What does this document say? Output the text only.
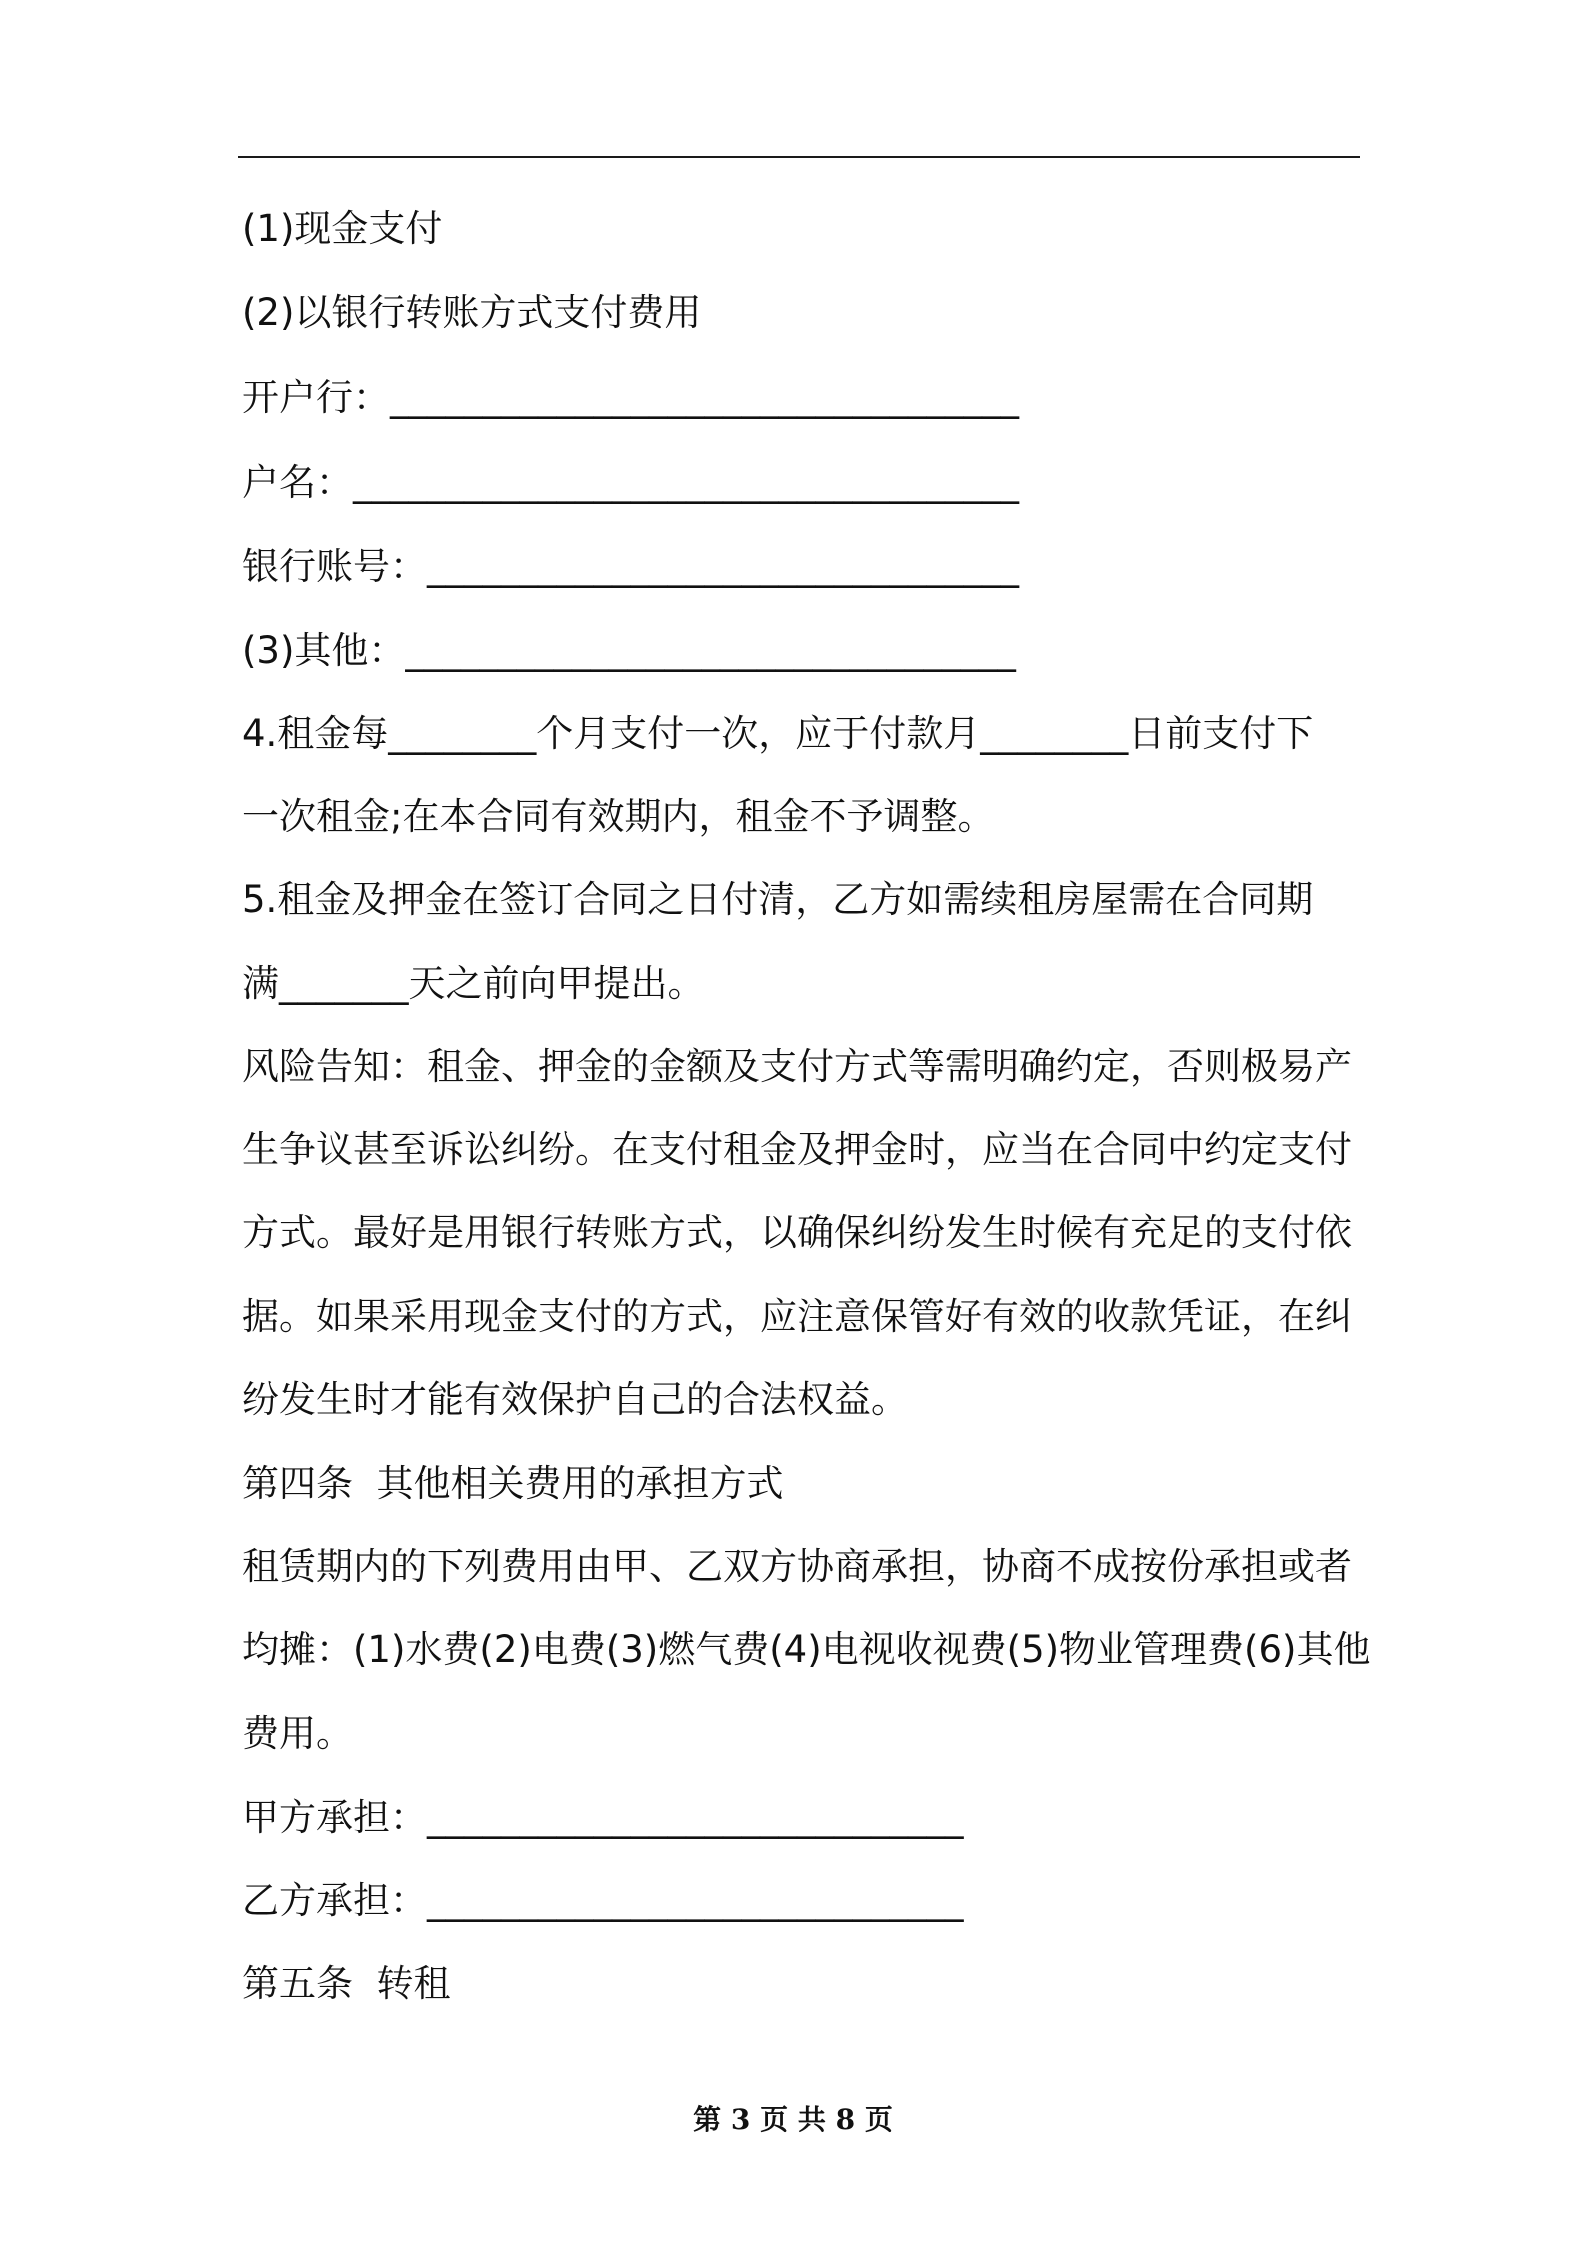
(1)现金支付
(2)以银行转账方式支付费用
开户行：__________________________________
户名：____________________________________
银行账号：________________________________
(3)其他：_________________________________
4.租金每________个月支付一次，应于付款月________日前支付下
一次租金;在本合同有效期内，租金不予调整。
5.租金及押金在签订合同之日付清，乙方如需续租房屋需在合同期
满_______天之前向甲提出。
风险告知：租金、押金的金额及支付方式等需明确约定，否则极易产
生争议甚至诉讼纠纷。在支付租金及押金时，应当在合同中约定支付
方式。最好是用银行转账方式，以确保纠纷发生时候有充足的支付依
据。如果采用现金支付的方式，应注意保管好有效的收款凭证，在纠
纷发生时才能有效保护自己的合法权益。
第四条  其他相关费用的承担方式
租赁期内的下列费用由甲、乙双方协商承担，协商不成按份承担或者
均摊：(1)水费(2)电费(3)燃气费(4)电视收视费(5)物业管理费(6)其他
费用。
甲方承担：_____________________________
乙方承担：_____________________________
第五条  转租
第 3 页 共 8 页
